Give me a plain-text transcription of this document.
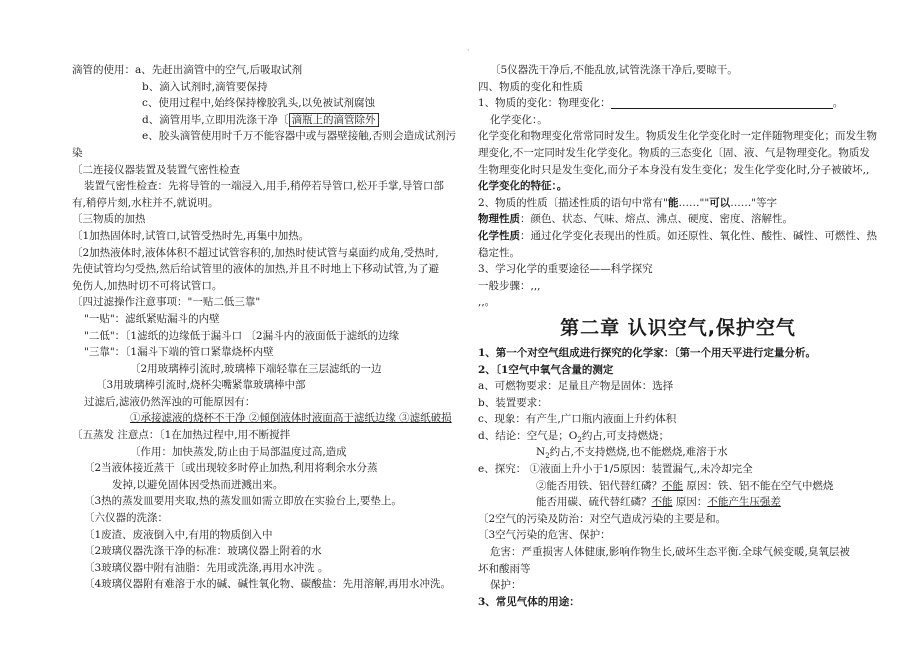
·
滴管的使用：a、先赶出滴管中的空气,后吸取试剂
b、滴入试剂时,滴管要保持
c、使用过程中,始终保持橡胶乳头,以免被试剂腐蚀
d、滴管用毕,立即用洗涤干净〔 滴瓶上的滴管除外
e、胶头滴管使用时千万不能容器中或与器壁接触,否则会造成试剂污
染
〔二连接仪器装置及装置气密性检查
装置气密性检查：先将导管的一端浸入,用手,稍停若导管口,松开手掌,导管口部
有,稍停片刻,水柱并不,就说明。
〔三物质的加热
〔1加热固体时,试管口,试管受热时先,再集中加热。
〔2加热液体时,液体体积不超过试管容积的,加热时使试管与桌面约成角,受热时,
先使试管均匀受热,然后给试管里的液体的加热,并且不时地上下移动试管,为了避
免伤人,加热时切不可将试管口。
〔四过滤操作注意事项："一贴二低三靠"
"一贴"：滤纸紧贴漏斗的内壁
"二低"：〔1滤纸的边缘低于漏斗口 〔2漏斗内的液面低于滤纸的边缘
"三靠"：〔1漏斗下端的管口紧靠烧杯内壁
〔2用玻璃棒引流时,玻璃棒下端轻靠在三层滤纸的一边
〔3用玻璃棒引流时,烧杯尖嘴紧靠玻璃棒中部
过滤后,滤液仍然浑浊的可能原因有：
①承接滤液的烧杯不干净 ②倾倒液体时液面高于滤纸边缘 ③滤纸破损
〔五蒸发 注意点：〔1在加热过程中,用不断搅拌
〔作用：加快蒸发,防止由于局部温度过高,造成
〔2当液体接近蒸干〔或出现较多时停止加热,利用将剩余水分蒸
发掉,以避免固体因受热而迸溅出来。
〔3热的蒸发皿要用夹取,热的蒸发皿如需立即放在实验台上,要垫上。
〔六仪器的洗涤：
〔1废渣、废液倒入中,有用的物质倒入中
〔2玻璃仪器洗涤干净的标准：玻璃仪器上附着的水
〔3玻璃仪器中附有油脂：先用或洗涤,再用水冲洗 。
〔4玻璃仪器附有难溶于水的碱、碱性氧化物、碳酸盐：先用溶解,再用水冲洗。
〔5仪器洗干净后,不能乱放,试管洗涤干净后,要晾干。
四、物质的变化和性质
1、物质的变化：物理变化：	。
化学变化：。
化学变化和物理变化常常同时发生。物质发生化学变化时一定伴随物理变化；而发生物
理变化,不一定同时发生化学变化。物质的三态变化〔固、液、气是物理变化。物质发
生物理变化时只是发生变化,而分子本身没有发生变化；发生化学变化时,分子被破坏,,
化学变化的特征：。
2、物质的性质〔描述性质的语句中常有"能……""可以……"等字
物理性质：颜色、状态、气味、熔点、沸点、硬度、密度、溶解性。
化学性质：通过化学变化表现出的性质。如还原性、氧化性、酸性、碱性、可燃性、热
稳定性。
3、学习化学的重要途径——科学探究
一般步骤：,,,
,,。
第二章 认识空气,保护空气
1、第一个对空气组成进行探究的化学家：〔第一个用天平进行定量分析。
2、〔1空气中氧气含量的测定
a、可燃物要求：足量且产物是固体：选择
b、装置要求：
c、现象：有产生,广口瓶内液面上升约体积
d、结论：空气是；$O_2$约占,可支持燃烧；
$N_2$约占,不支持燃烧,也不能燃烧,难溶于水
e、探究： ①液面上升小于1/5原因：装置漏气,,未冷却完全
②能否用铁、铝代替红磷？不能 原因：铁、铝不能在空气中燃烧
能否用碳、硫代替红磷？不能 原因：不能产生压强差
〔2空气的污染及防治：对空气造成污染的主要是和。
〔3空气污染的危害、保护：
危害：严重损害人体健康,影响作物生长,破坏生态平衡.全球气候变暖,臭氧层被
坏和酸雨等
保护：
3、常见气体的用途：
